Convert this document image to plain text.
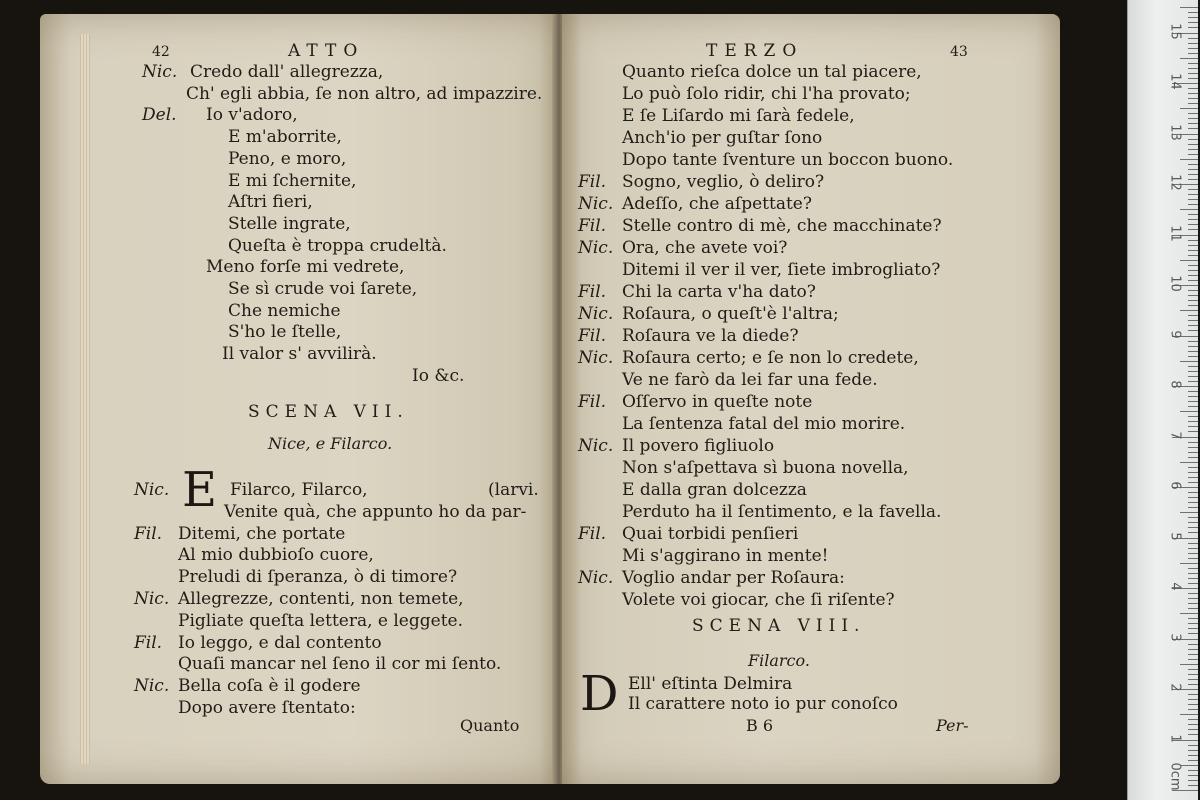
42	ATTO
Nic. Credo dall' allegrezza,
Ch' egli abbia, ſe non altro, ad impazzire.
Del. Io v'adoro,
E m'aborrite,
Peno, e moro,
E mi ſchernite,
Aſtri fieri,
Stelle ingrate,
Queſta è troppa crudeltà.
Meno forſe mi vedrete,
Se sì crude voi ſarete,
Che nemiche
S'ho le ſtelle,
Il valor s' avvilirà.
Io &c.
SCENA VII.
Nice, e Filarco.
E
Nic.	Filarco, Filarco,	(larvi.
Venite quà, che appunto ho da par-
Fil. Ditemi, che portate
Al mio dubbioſo cuore,
Preludi di ſperanza, ò di timore?
Nic. Allegrezze, contenti, non temete,
Pigliate queſta lettera, e leggete.
Fil. Io leggo, e dal contento
Quaſi mancar nel ſeno il cor mi ſento.
Nic. Bella coſa è il godere
Dopo avere ſtentato:
Quanto
TERZO	43
Quanto rieſca dolce un tal piacere,
Lo può ſolo ridir, chi l'ha provato;
E ſe Liſardo mi ſarà fedele,
Anch'io per guſtar ſono
Dopo tante ſventure un boccon buono.
Fil. Sogno, veglio, ò deliro?
Nic. Adeſſo, che aſpettate?
Fil. Stelle contro di mè, che macchinate?
Nic. Ora, che avete voi?
Ditemi il ver il ver, ſiete imbrogliato?
Fil. Chi la carta v'ha dato?
Nic. Roſaura, o queſt'è l'altra;
Fil. Roſaura ve la diede?
Nic. Roſaura certo; e ſe non lo credete,
Ve ne farò da lei far una fede.
Fil. Oſſervo in queſte note
La ſentenza fatal del mio morire.
Nic. Il povero figliuolo
Non s'aſpettava sì buona novella,
E dalla gran dolcezza
Perduto ha il ſentimento, e la favella.
Fil. Quai torbidi penſieri
Mi s'aggirano in mente!
Nic. Voglio andar per Roſaura:
Volete voi giocar, che ſi riſente?
SCENA VIII.
Filarco.
D Ell' eſtinta Delmira
Il carattere noto io pur conoſco
B 6	Per-
0cm
1
2
3
4
5
6
7
8
9
10
11
12
13
14
15
